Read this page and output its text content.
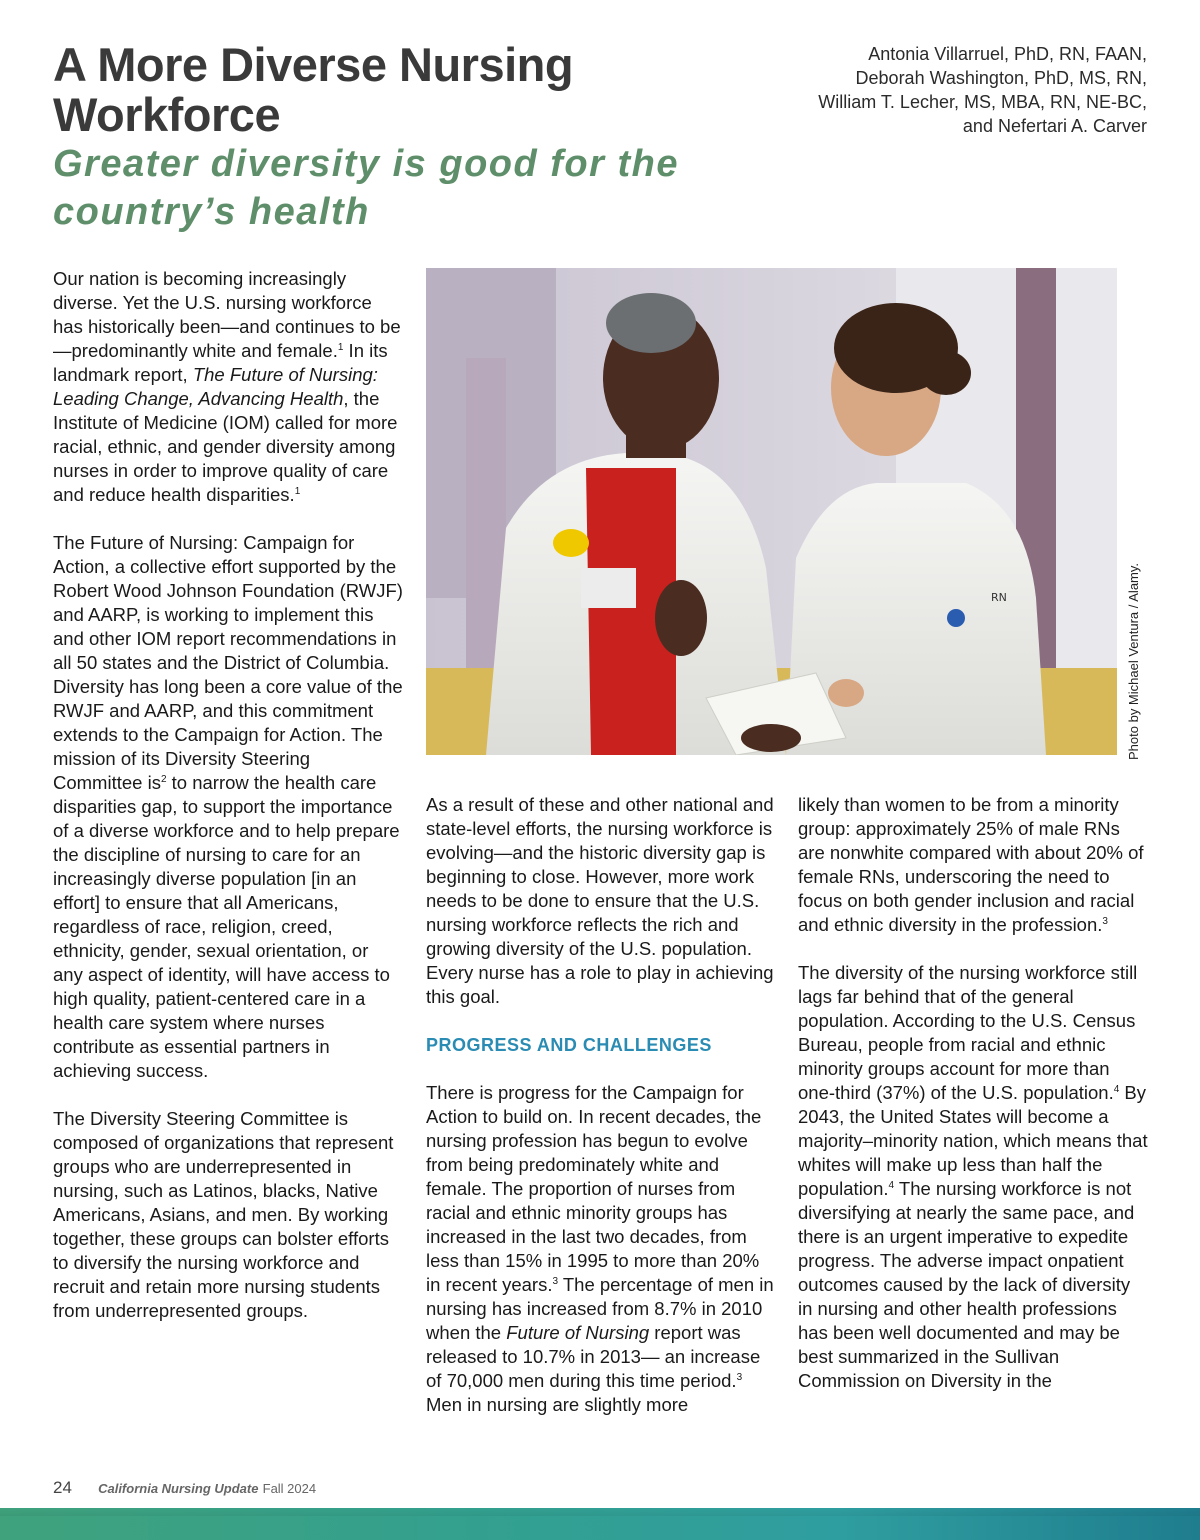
A More Diverse Nursing Workforce
Greater diversity is good for the country’s health
Antonia Villarruel, PhD, RN, FAAN,
Deborah Washington, PhD, MS, RN,
William T. Lecher, MS, MBA, RN, NE-BC,
and Nefertari A. Carver

Our nation is becoming increasingly diverse. Yet the U.S. nursing workforce has historically been—and continues to be—predominantly white and female.$^1$ In its landmark report, The Future of Nursing: Leading Change, Advancing Health, the Institute of Medicine (IOM) called for more racial, ethnic, and gender diversity among nurses in order to improve quality of care and reduce health disparities.$^1$

The Future of Nursing: Campaign for Action, a collective effort supported by the Robert Wood Johnson Foundation (RWJF) and AARP, is working to implement this and other IOM report recommendations in all 50 states and the District of Columbia. Diversity has long been a core value of the RWJF and AARP, and this commitment extends to the Campaign for Action. The mission of its Diversity Steering Committee $is^2$ to narrow the health care disparities gap, to support the importance of a diverse workforce and to help prepare the discipline of nursing to care for an increasingly diverse population [in an effort] to ensure that all Americans, regardless of race, religion, creed, ethnicity, gender, sexual orientation, or any aspect of identity, will have access to high quality, patient-centered care in a health care system where nurses contribute as essential partners in achieving success.

The Diversity Steering Committee is composed of organizations that represent groups who are underrepresented in nursing, such as Latinos, blacks, Native Americans, Asians, and men. By working together, these groups can bolster efforts to diversify the nursing workforce and recruit and retain more nursing students from underrepresented groups.

RN	Photo by Michael Ventura / Alamy.

As a result of these and other national and state-level efforts, the nursing workforce is evolving—and the historic diversity gap is beginning to close. However, more work needs to be done to ensure that the U.S. nursing workforce reflects the rich and growing diversity of the U.S. population. Every nurse has a role to play in achieving this goal.

PROGRESS AND CHALLENGES

There is progress for the Campaign for Action to build on. In recent decades, the nursing profession has begun to evolve from being predominately white and female. The proportion of nurses from racial and ethnic minority groups has increased in the last two decades, from less than 15% in 1995 to more than 20% in recent years.$^3$ The percentage of men in nursing has increased from 8.7% in 2010 when the Future of Nursing report was released to 10.7% in 2013— an increase of 70,000 men during this time period.$^3$ Men in nursing are slightly more

likely than women to be from a minority group: approximately 25% of male RNs are nonwhite compared with about 20% of female RNs, underscoring the need to focus on both gender inclusion and racial and ethnic diversity in the profession.$^3$

The diversity of the nursing workforce still lags far behind that of the general population. According to the U.S. Census Bureau, people from racial and ethnic minority groups account for more than one-third (37%) of the U.S. population.$^4$ By 2043, the United States will become a majority–minority nation, which means that whites will make up less than half the population.$^4$ The nursing workforce is not diversifying at nearly the same pace, and there is an urgent imperative to expedite progress. The adverse impact onpatient outcomes caused by the lack of diversity in nursing and other health professions has been well documented and may be best summarized in the Sullivan Commission on Diversity in the

24 California Nursing Update Fall 2024
